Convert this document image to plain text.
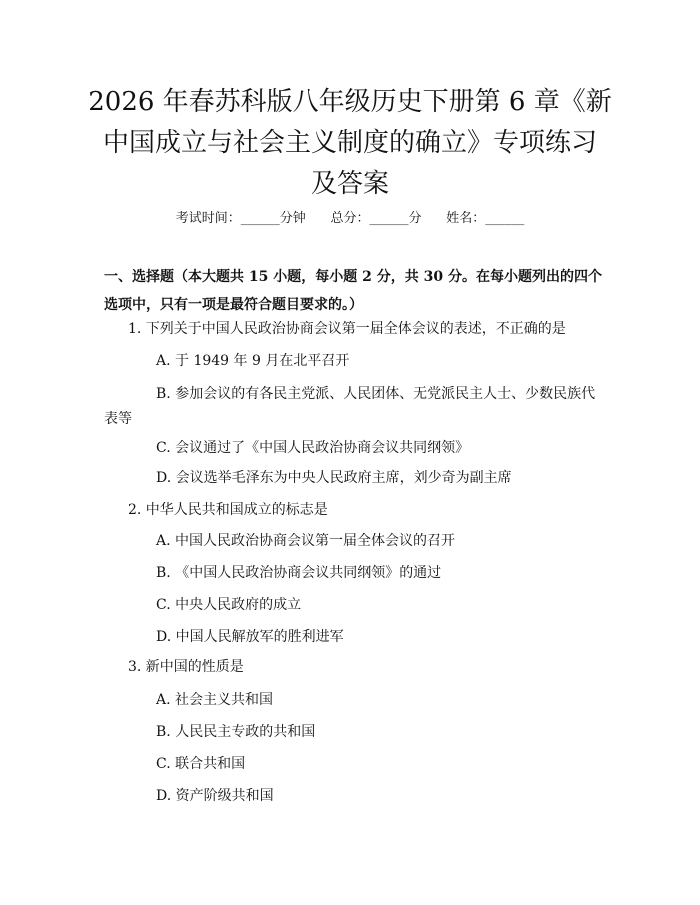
2026 年春苏科版八年级历史下册第 6 章《新
中国成立与社会主义制度的确立》专项练习
及答案
考试时间：______分钟      总分：______分      姓名：______

一、选择题（本大题共 15 小题，每小题 2 分，共 30 分。在每小题列出的四个选项中，只有一项是最符合题目要求的。）

1. 下列关于中国人民政治协商会议第一届全体会议的表述，不正确的是
A. 于 1949 年 9 月在北平召开
B. 参加会议的有各民主党派、人民团体、无党派民主人士、少数民族代
表等
C. 会议通过了《中国人民政治协商会议共同纲领》
D. 会议选举毛泽东为中央人民政府主席，刘少奇为副主席
2. 中华人民共和国成立的标志是
A. 中国人民政治协商会议第一届全体会议的召开
B. 《中国人民政治协商会议共同纲领》的通过
C. 中央人民政府的成立
D. 中国人民解放军的胜利进军
3. 新中国的性质是
A. 社会主义共和国
B. 人民民主专政的共和国
C. 联合共和国
D. 资产阶级共和国
